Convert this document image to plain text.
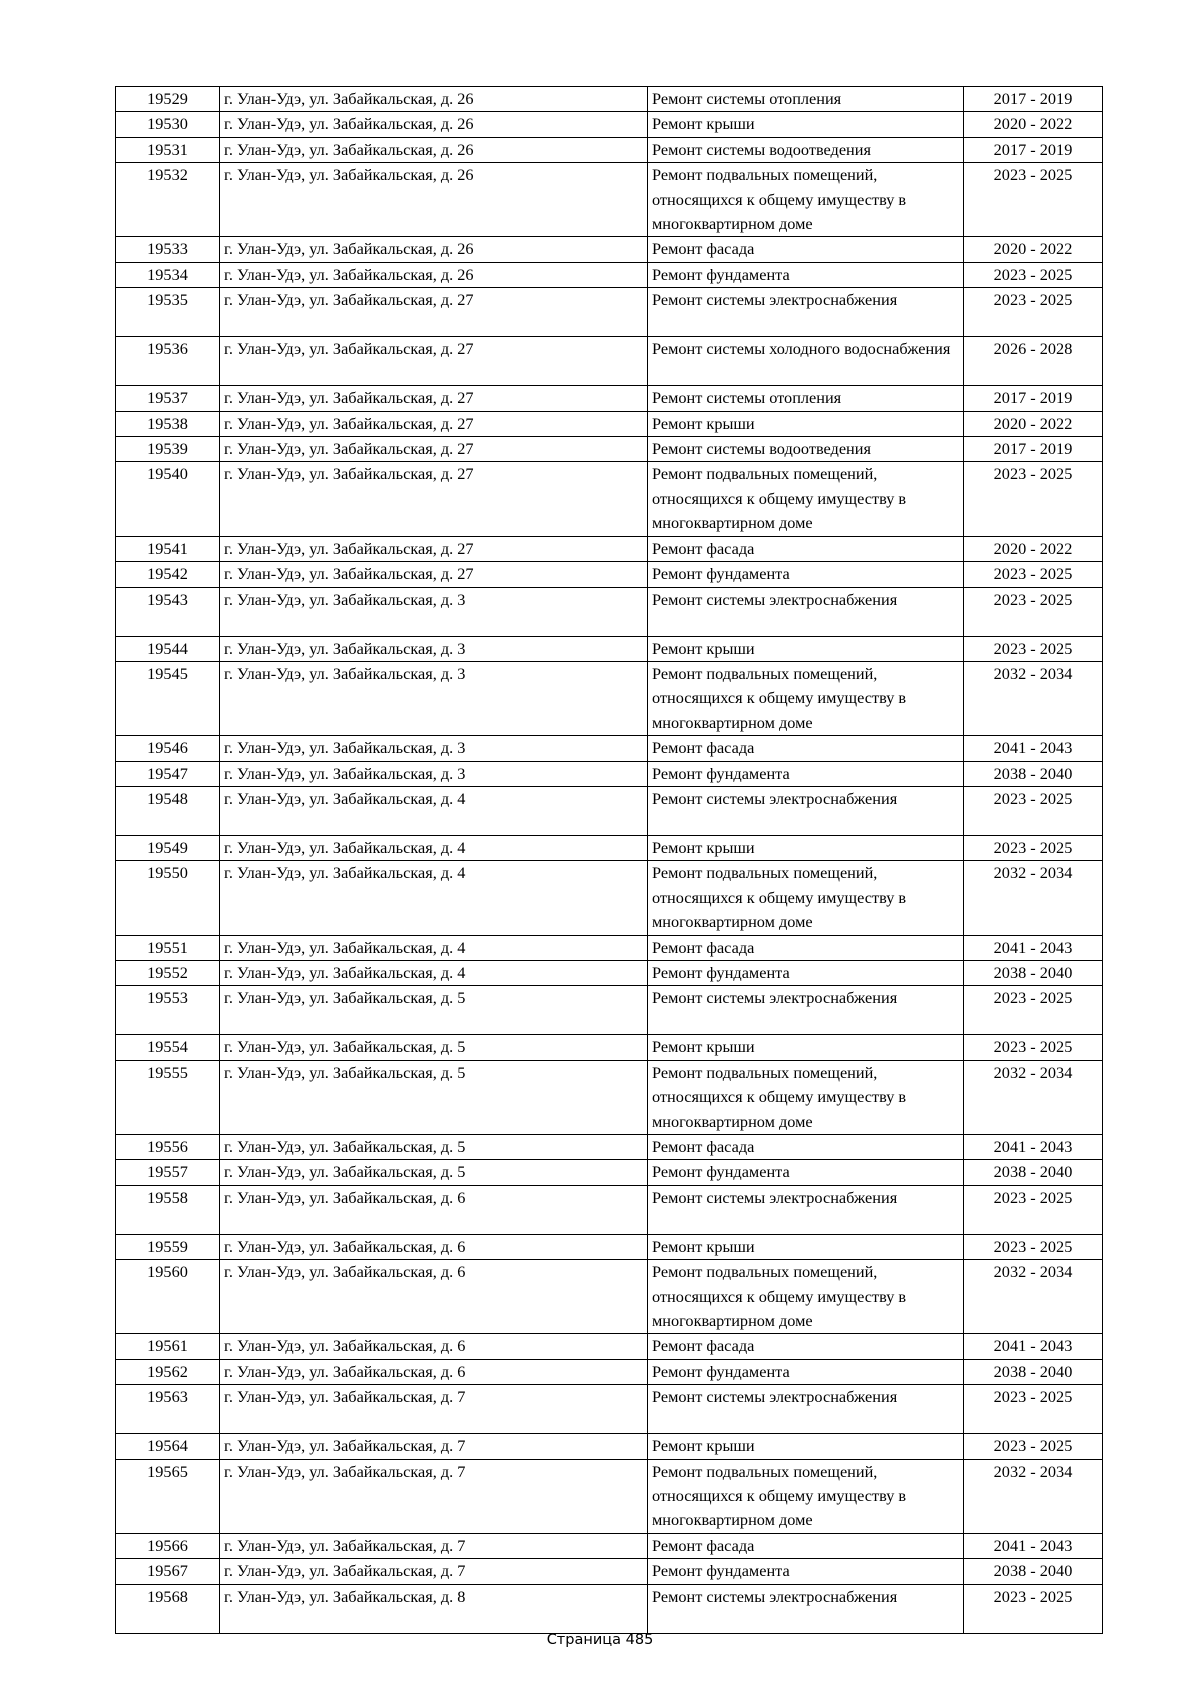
19529	г. Улан-Удэ, ул. Забайкальская, д. 26	Ремонт системы отопления	2017 - 2019
19530	г. Улан-Удэ, ул. Забайкальская, д. 26	Ремонт крыши	2020 - 2022
19531	г. Улан-Удэ, ул. Забайкальская, д. 26	Ремонт системы водоотведения	2017 - 2019
19532	г. Улан-Удэ, ул. Забайкальская, д. 26	Ремонт подвальных помещений, относящихся к общему имуществу в многоквартирном доме	2023 - 2025
19533	г. Улан-Удэ, ул. Забайкальская, д. 26	Ремонт фасада	2020 - 2022
19534	г. Улан-Удэ, ул. Забайкальская, д. 26	Ремонт фундамента	2023 - 2025
19535	г. Улан-Удэ, ул. Забайкальская, д. 27	Ремонт системы электроснабжения	2023 - 2025
19536	г. Улан-Удэ, ул. Забайкальская, д. 27	Ремонт системы холодного водоснабжения	2026 - 2028
19537	г. Улан-Удэ, ул. Забайкальская, д. 27	Ремонт системы отопления	2017 - 2019
19538	г. Улан-Удэ, ул. Забайкальская, д. 27	Ремонт крыши	2020 - 2022
19539	г. Улан-Удэ, ул. Забайкальская, д. 27	Ремонт системы водоотведения	2017 - 2019
19540	г. Улан-Удэ, ул. Забайкальская, д. 27	Ремонт подвальных помещений, относящихся к общему имуществу в многоквартирном доме	2023 - 2025
19541	г. Улан-Удэ, ул. Забайкальская, д. 27	Ремонт фасада	2020 - 2022
19542	г. Улан-Удэ, ул. Забайкальская, д. 27	Ремонт фундамента	2023 - 2025
19543	г. Улан-Удэ, ул. Забайкальская, д. 3	Ремонт системы электроснабжения	2023 - 2025
19544	г. Улан-Удэ, ул. Забайкальская, д. 3	Ремонт крыши	2023 - 2025
19545	г. Улан-Удэ, ул. Забайкальская, д. 3	Ремонт подвальных помещений, относящихся к общему имуществу в многоквартирном доме	2032 - 2034
19546	г. Улан-Удэ, ул. Забайкальская, д. 3	Ремонт фасада	2041 - 2043
19547	г. Улан-Удэ, ул. Забайкальская, д. 3	Ремонт фундамента	2038 - 2040
19548	г. Улан-Удэ, ул. Забайкальская, д. 4	Ремонт системы электроснабжения	2023 - 2025
19549	г. Улан-Удэ, ул. Забайкальская, д. 4	Ремонт крыши	2023 - 2025
19550	г. Улан-Удэ, ул. Забайкальская, д. 4	Ремонт подвальных помещений, относящихся к общему имуществу в многоквартирном доме	2032 - 2034
19551	г. Улан-Удэ, ул. Забайкальская, д. 4	Ремонт фасада	2041 - 2043
19552	г. Улан-Удэ, ул. Забайкальская, д. 4	Ремонт фундамента	2038 - 2040
19553	г. Улан-Удэ, ул. Забайкальская, д. 5	Ремонт системы электроснабжения	2023 - 2025
19554	г. Улан-Удэ, ул. Забайкальская, д. 5	Ремонт крыши	2023 - 2025
19555	г. Улан-Удэ, ул. Забайкальская, д. 5	Ремонт подвальных помещений, относящихся к общему имуществу в многоквартирном доме	2032 - 2034
19556	г. Улан-Удэ, ул. Забайкальская, д. 5	Ремонт фасада	2041 - 2043
19557	г. Улан-Удэ, ул. Забайкальская, д. 5	Ремонт фундамента	2038 - 2040
19558	г. Улан-Удэ, ул. Забайкальская, д. 6	Ремонт системы электроснабжения	2023 - 2025
19559	г. Улан-Удэ, ул. Забайкальская, д. 6	Ремонт крыши	2023 - 2025
19560	г. Улан-Удэ, ул. Забайкальская, д. 6	Ремонт подвальных помещений, относящихся к общему имуществу в многоквартирном доме	2032 - 2034
19561	г. Улан-Удэ, ул. Забайкальская, д. 6	Ремонт фасада	2041 - 2043
19562	г. Улан-Удэ, ул. Забайкальская, д. 6	Ремонт фундамента	2038 - 2040
19563	г. Улан-Удэ, ул. Забайкальская, д. 7	Ремонт системы электроснабжения	2023 - 2025
19564	г. Улан-Удэ, ул. Забайкальская, д. 7	Ремонт крыши	2023 - 2025
19565	г. Улан-Удэ, ул. Забайкальская, д. 7	Ремонт подвальных помещений, относящихся к общему имуществу в многоквартирном доме	2032 - 2034
19566	г. Улан-Удэ, ул. Забайкальская, д. 7	Ремонт фасада	2041 - 2043
19567	г. Улан-Удэ, ул. Забайкальская, д. 7	Ремонт фундамента	2038 - 2040
19568	г. Улан-Удэ, ул. Забайкальская, д. 8	Ремонт системы электроснабжения	2023 - 2025
Страница 485
